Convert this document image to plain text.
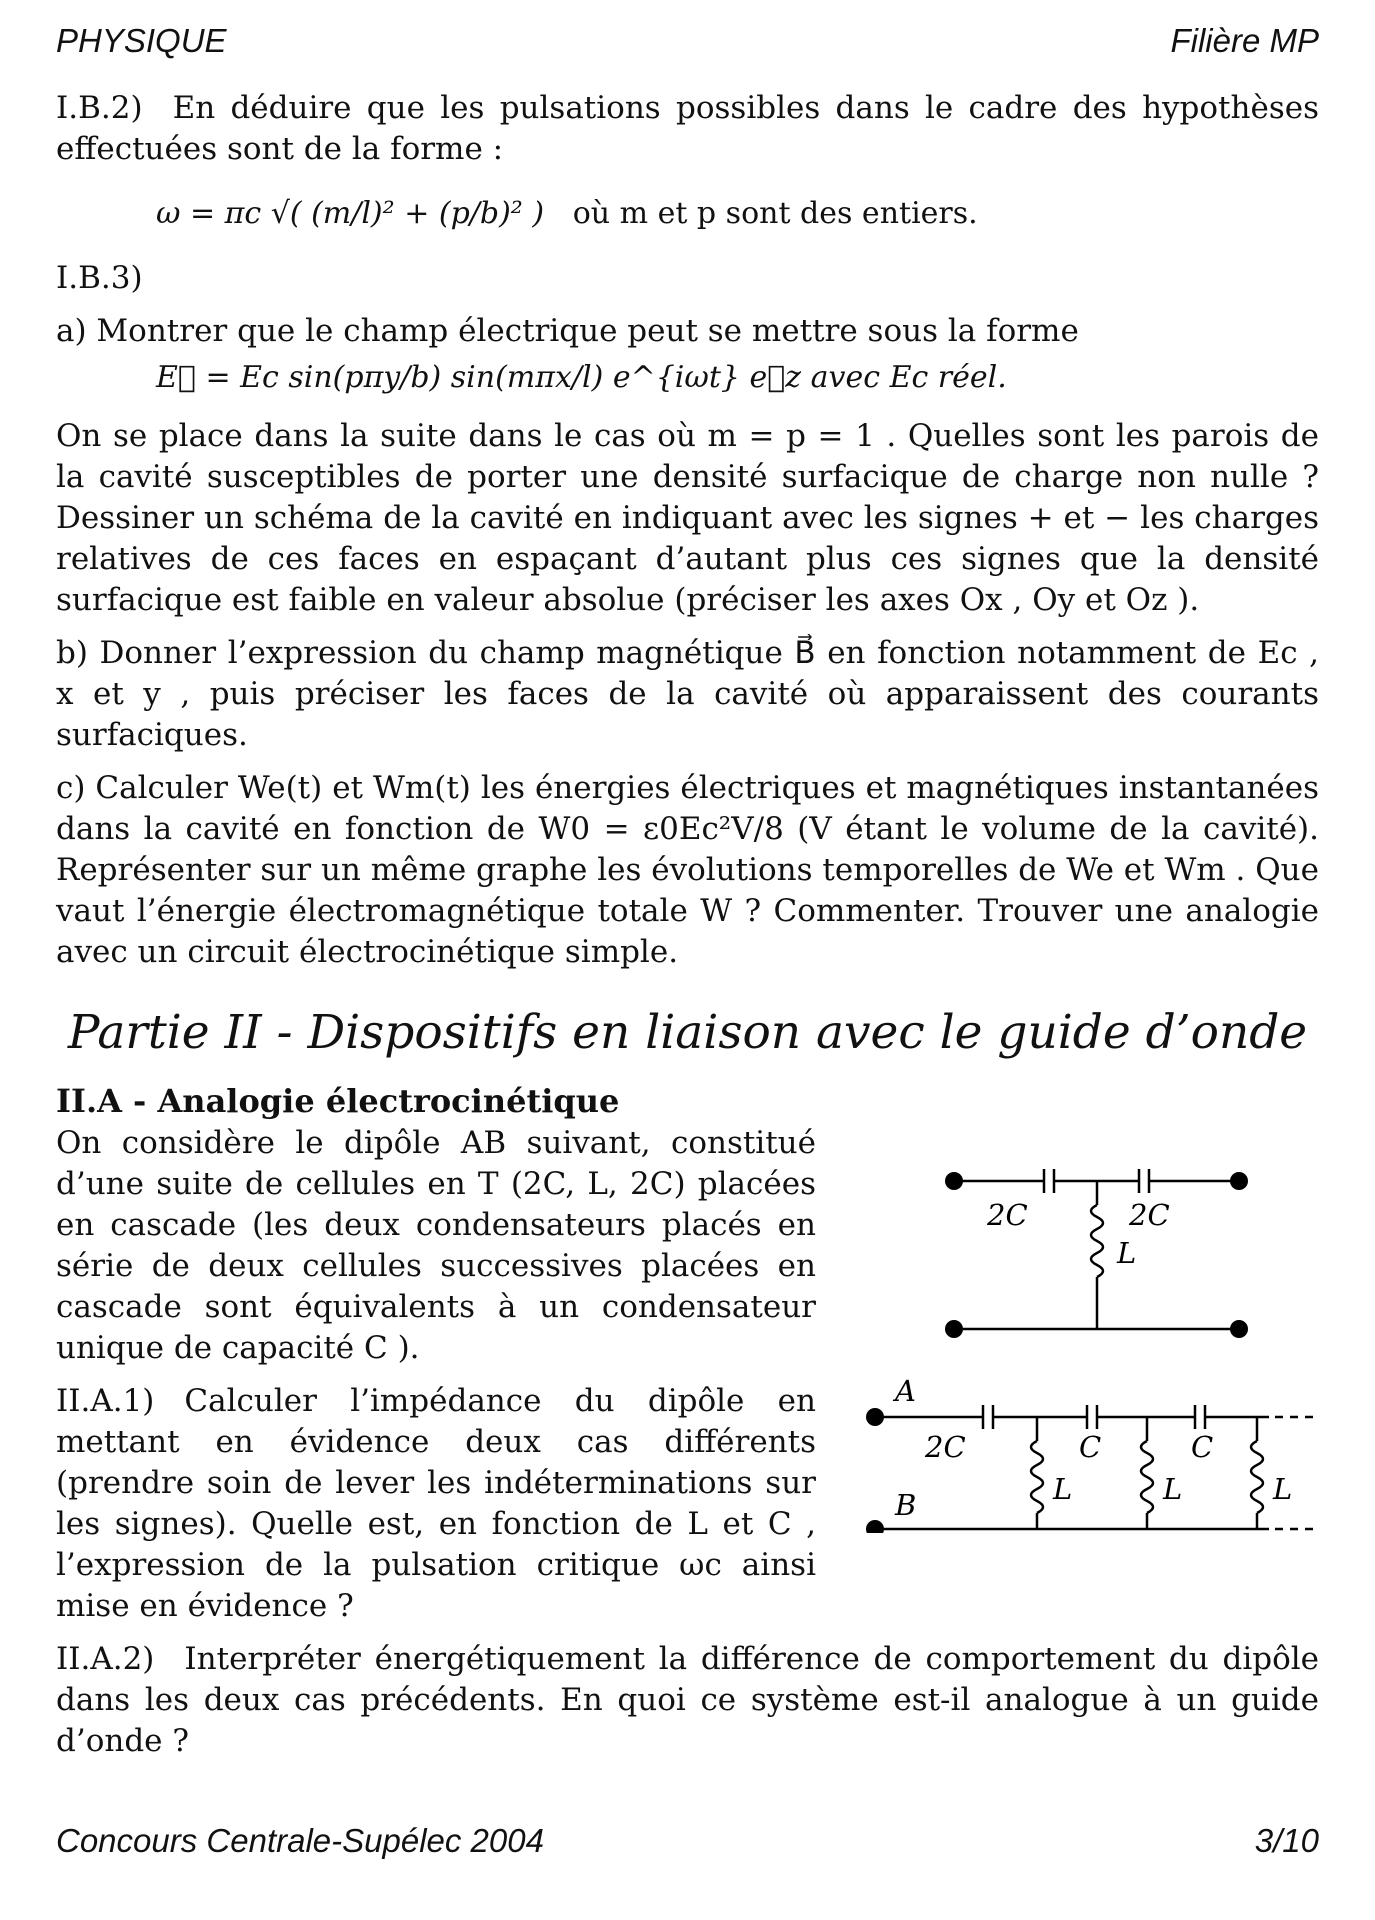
PHYSIQUE	Filière MP

I.B.2) En déduire que les pulsations possibles dans le cadre des hypothèses effectuées sont de la forme :

ω = πc √( (m/l)² + (p/b)² ) où m et p sont des entiers.

I.B.3)

a) Montrer que le champ électrique peut se mettre sous la forme

E⃗ = Ec sin(pπy/b) sin(mπx/l) e^{iωt} e⃗z avec Ec réel.

On se place dans la suite dans le cas où m = p = 1 . Quelles sont les parois de la cavité susceptibles de porter une densité surfacique de charge non nulle ? Dessiner un schéma de la cavité en indiquant avec les signes + et − les charges relatives de ces faces en espaçant d’autant plus ces signes que la densité surfacique est faible en valeur absolue (préciser les axes Ox , Oy et Oz ).

b) Donner l’expression du champ magnétique B⃗ en fonction notamment de Ec , x et y , puis préciser les faces de la cavité où apparaissent des courants surfaciques.

c) Calculer We(t) et Wm(t) les énergies électriques et magnétiques instantanées dans la cavité en fonction de W0 = ε0Ec²V/8 (V étant le volume de la cavité). Représenter sur un même graphe les évolutions temporelles de We et Wm . Que vaut l’énergie électromagnétique totale W ? Commenter. Trouver une analogie avec un circuit électrocinétique simple.

Partie II - Dispositifs en liaison avec le guide d’onde
II.A - Analogie électrocinétique

On considère le dipôle AB suivant, constitué d’une suite de cellules en T (2C, L, 2C) placées en cascade (les deux condensateurs placés en série de deux cellules successives placées en cascade sont équivalents à un condensateur unique de capacité C ).

II.A.1) Calculer l’impédance du dipôle en mettant en évidence deux cas différents (prendre soin de lever les indéterminations sur les signes). Quelle est, en fonction de L et C , l’expression de la pulsation critique ωc ainsi mise en évidence ?

2C	2C
L
A
B
2C	C	C
L	L	L

II.A.2) Interpréter énergétiquement la différence de comportement du dipôle dans les deux cas précédents. En quoi ce système est-il analogue à un guide d’onde ?

Concours Centrale-Supélec 2004	3/10
